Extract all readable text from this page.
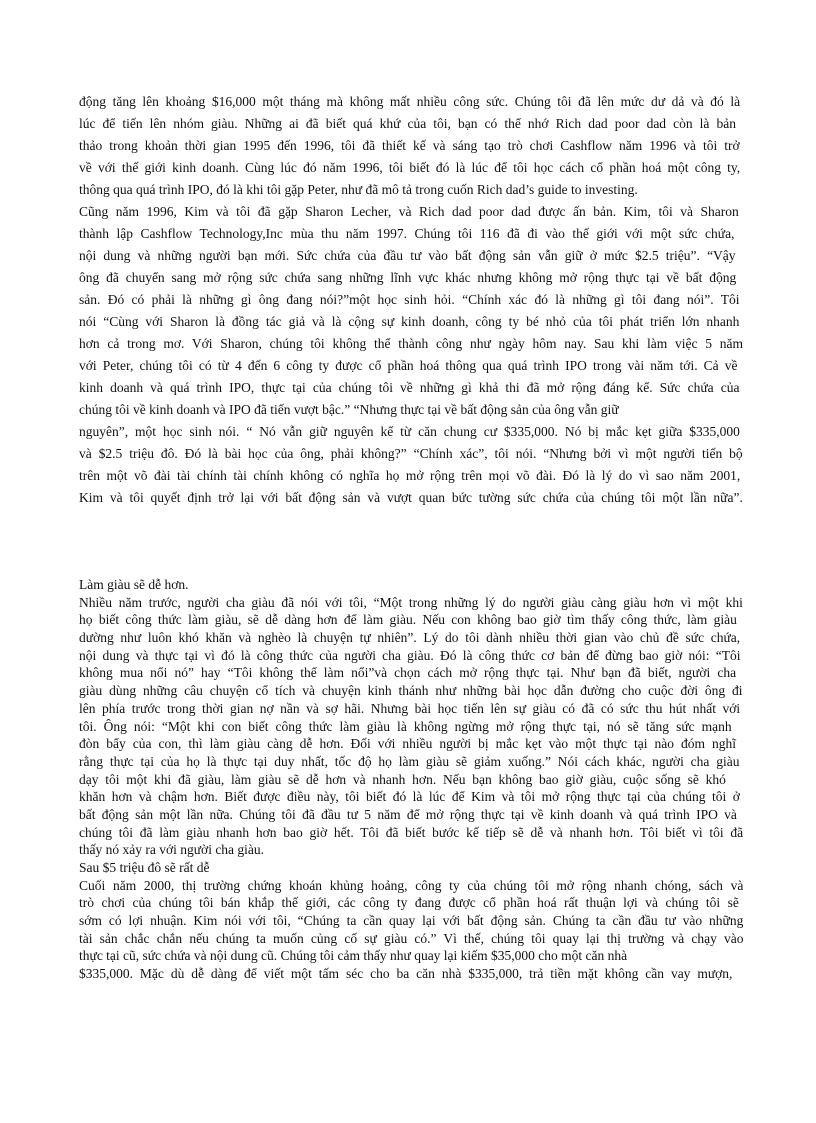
động tăng lên khoảng $16,000 một tháng mà không mất nhiều công sức. Chúng tôi đã lên mức dư dả và đó là
lúc để tiến lên nhóm giàu. Những ai đã biết quá khứ của tôi, bạn có thể nhớ Rich dad poor dad còn là bản
thảo trong khoản thời gian 1995 đến 1996, tôi đã thiết kế và sáng tạo trò chơi Cashflow năm 1996 và tôi trở
về với thế giới kinh doanh. Cùng lúc đó năm 1996, tôi biết đó là lúc để tôi học cách cổ phần hoá một công ty,
thông qua quá trình IPO, đó là khi tôi gặp Peter, như đã mô tả trong cuốn Rich dad’s guide to investing.
Cũng năm 1996, Kim và tôi đã gặp Sharon Lecher, và Rich dad poor dad được ấn bản. Kim, tôi và Sharon
thành lập Cashflow Technology,Inc mùa thu năm 1997. Chúng tôi 116 đã đi vào thế giới với một sức chứa,
nội dung và những người bạn mới. Sức chứa của đầu tư vào bất động sản vẫn giữ ở mức $2.5 triệu”. “Vậy
ông đã chuyển sang mở rộng sức chứa sang những lĩnh vực khác nhưng không mở rộng thực tại về bất động
sản. Đó có phải là những gì ông đang nói?”một học sinh hỏi. “Chính xác đó là những gì tôi đang nói”. Tôi
nói “Cùng với Sharon là đồng tác giả và là cộng sự kinh doanh, công ty bé nhỏ của tôi phát triển lớn nhanh
hơn cả trong mơ. Với Sharon, chúng tôi không thể thành công như ngày hôm nay. Sau khi làm việc 5 năm
với Peter, chúng tôi có từ 4 đến 6 công ty được cổ phần hoá thông qua quá trình IPO trong vài năm tới. Cả về
kinh doanh và quá trình IPO, thực tại của chúng tôi về những gì khả thi đã mở rộng đáng kể. Sức chứa của
chúng tôi về kinh doanh và IPO đã tiến vượt bậc.” “Nhưng thực tại về bất động sản của ông vẫn giữ
nguyên”, một học sinh nói. “ Nó vẫn giữ nguyên kể từ căn chung cư $335,000. Nó bị mắc kẹt giữa $335,000
và $2.5 triệu đô. Đó là bài học của ông, phải không?” “Chính xác”, tôi nói. “Nhưng bởi vì một người tiến bộ
trên một võ đài tài chính tài chính không có nghĩa họ mở rộng trên mọi võ đài. Đó là lý do vì sao năm 2001,
Kim và tôi quyết định trở lại với bất động sản và vượt quan bức tường sức chứa của chúng tôi một lần nữa”.
Làm giàu sẽ dễ hơn.
Nhiều năm trước, người cha giàu đã nói với tôi, “Một trong những lý do người giàu càng giàu hơn vì một khi
họ biết công thức làm giàu, sẽ dễ dàng hơn để làm giàu. Nếu con không bao giờ tìm thấy công thức, làm giàu
dường như luôn khó khăn và nghèo là chuyện tự nhiên”. Lý do tôi dành nhiều thời gian vào chủ đề sức chứa,
nội dung và thực tại vì đó là công thức của người cha giàu. Đó là công thức cơ bản để đừng bao giờ nói: “Tôi
không mua nổi nó” hay “Tôi không thể làm nổi”và chọn cách mở rộng thực tại. Như bạn đã biết, người cha
giàu dùng những câu chuyện cổ tích và chuyện kinh thánh như những bài học dẫn đường cho cuộc đời ông đi
lên phía trước trong thời gian nợ nần và sợ hãi. Nhưng bài học tiến lên sự giàu có đã có sức thu hút nhất với
tôi. Ông nói: “Một khi con biết công thức làm giàu là không ngừng mở rộng thực tại, nó sẽ tăng sức mạnh
đòn bẩy của con, thì làm giàu càng dễ hơn. Đối với nhiều người bị mắc kẹt vào một thực tại nào đóm nghĩ
rằng thực tại của họ là thực tại duy nhất, tốc độ họ làm giàu sẽ giảm xuống.” Nói cách khác, người cha giàu
dạy tôi một khi đã giàu, làm giàu sẽ dễ hơn và nhanh hơn. Nếu bạn không bao giờ giàu, cuộc sống sẽ khó
khăn hơn và chậm hơn. Biết được điều này, tôi biết đó là lúc để Kim và tôi mở rộng thực tại của chúng tôi ở
bất động sản một lần nữa. Chúng tôi đã đầu tư 5 năm để mở rộng thực tại về kinh doanh và quá trình IPO và
chúng tôi đã làm giàu nhanh hơn bao giờ hết. Tôi đã biết bước kế tiếp sẽ dễ và nhanh hơn. Tôi biết vì tôi đã
thấy nó xảy ra với người cha giàu.
Sau $5 triệu đô sẽ rất dễ
Cuối năm 2000, thị trường chứng khoán khủng hoảng, công ty của chúng tôi mở rộng nhanh chóng, sách và
trò chơi của chúng tôi bán khắp thế giới, các công ty đang được cổ phần hoá rất thuận lợi và chúng tôi sẽ
sớm có lợi nhuận. Kim nói với tôi, “Chúng ta cần quay lại với bất động sản. Chúng ta cần đầu tư vào những
tài sản chắc chắn nếu chúng ta muốn củng cố sự giàu có.” Vì thế, chúng tôi quay lại thị trường và chạy vào
thực tại cũ, sức chứa và nội dung cũ. Chúng tôi cảm thấy như quay lại kiếm $35,000 cho một căn nhà
$335,000. Mặc dù dễ dàng để viết một tấm séc cho ba căn nhà $335,000, trả tiền mặt không cần vay mượn,
